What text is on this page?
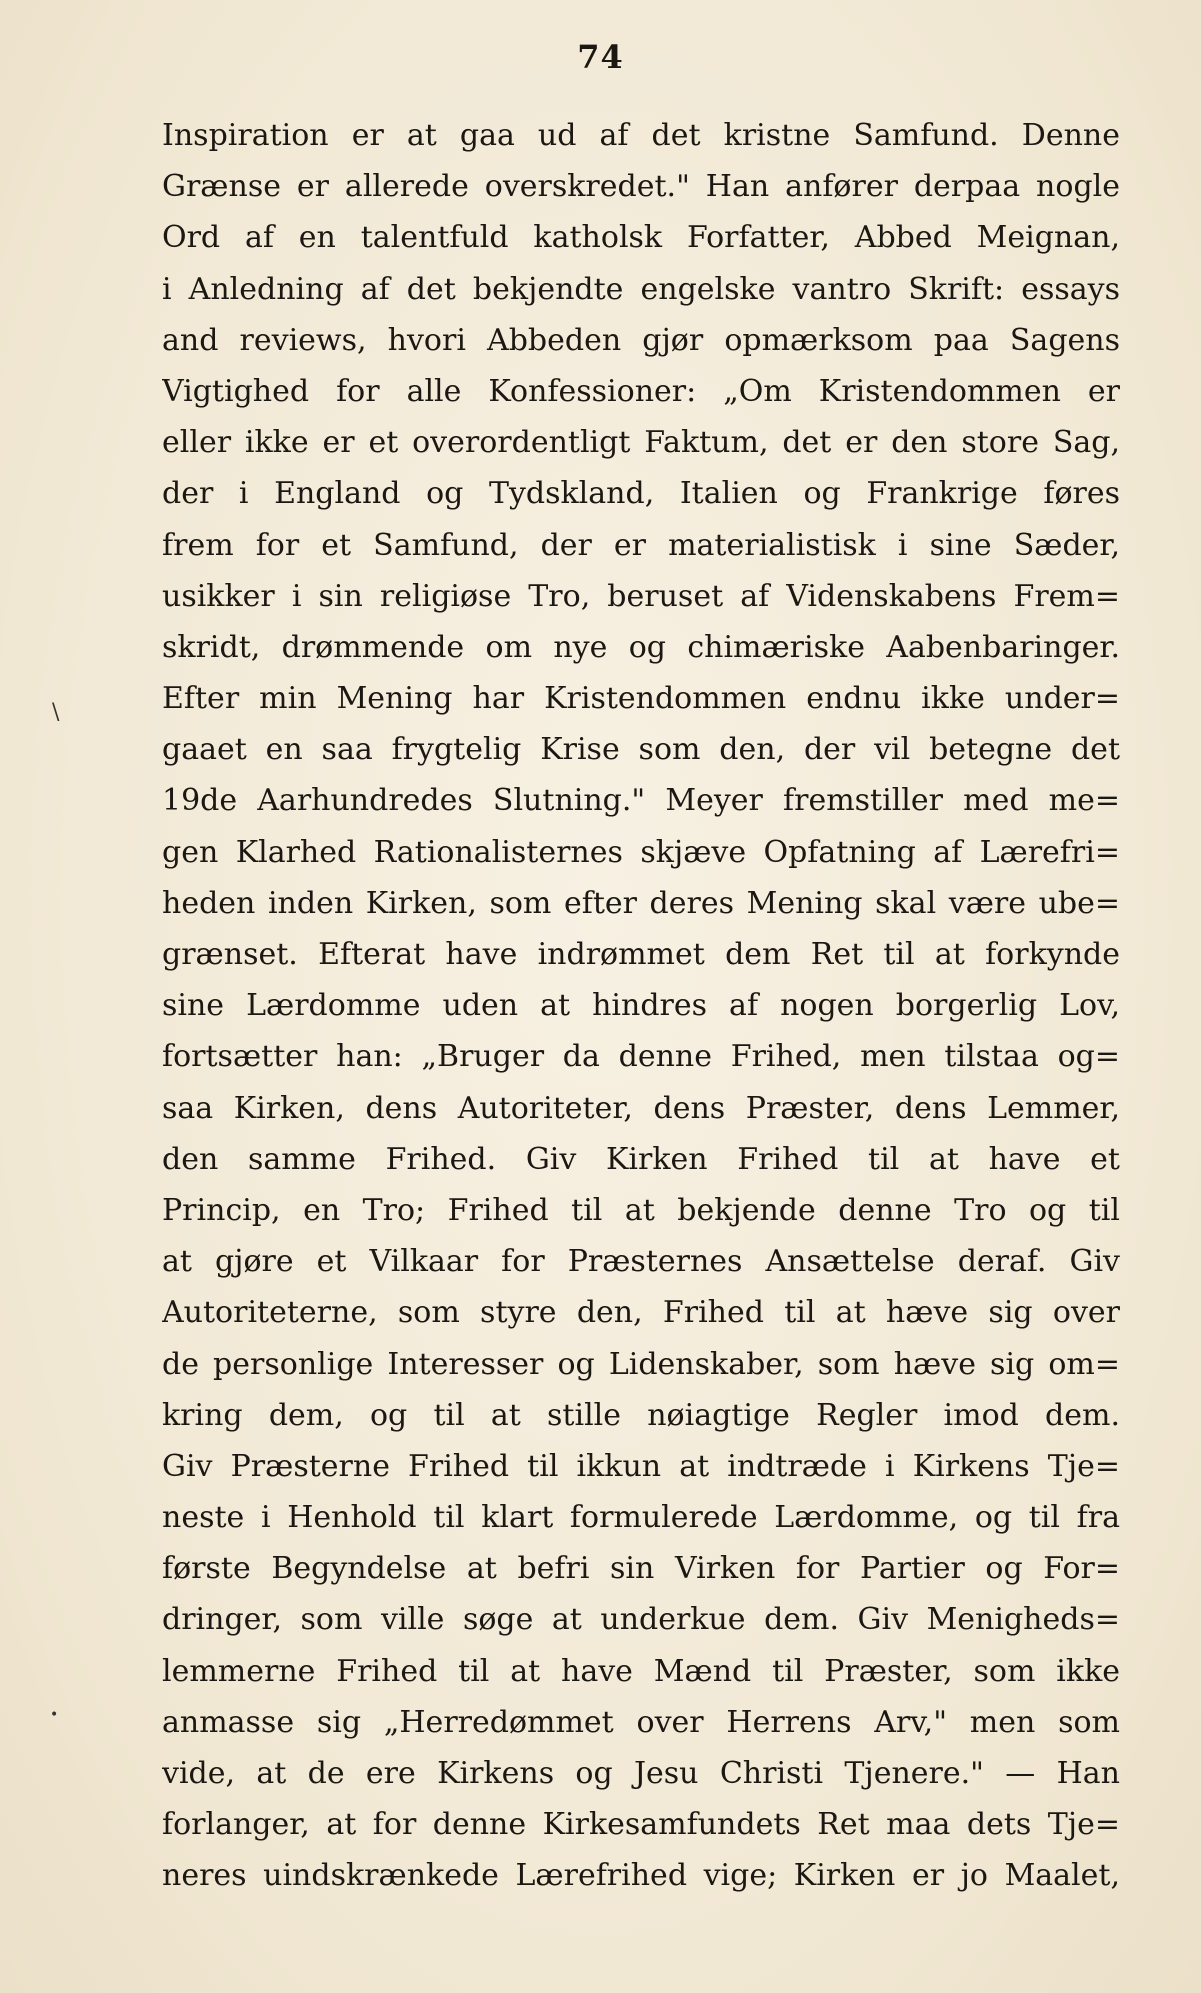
74
\
•
Inspiration er at gaa ud af det kristne Samfund. Denne
Grænse er allerede overskredet." Han anfører derpaa nogle
Ord af en talentfuld katholsk Forfatter, Abbed Meignan,
i Anledning af det bekjendte engelske vantro Skrift: essays
and reviews, hvori Abbeden gjør opmærksom paa Sagens
Vigtighed for alle Konfessioner: „Om Kristendommen er
eller ikke er et overordentligt Faktum, det er den store Sag,
der i England og Tydskland, Italien og Frankrige føres
frem for et Samfund, der er materialistisk i sine Sæder,
usikker i sin religiøse Tro, beruset af Videnskabens Frem=
skridt, drømmende om nye og chimæriske Aabenbaringer.
Efter min Mening har Kristendommen endnu ikke under=
gaaet en saa frygtelig Krise som den, der vil betegne det
19de Aarhundredes Slutning." Meyer fremstiller med me=
gen Klarhed Rationalisternes skjæve Opfatning af Lærefri=
heden inden Kirken, som efter deres Mening skal være ube=
grænset. Efterat have indrømmet dem Ret til at forkynde
sine Lærdomme uden at hindres af nogen borgerlig Lov,
fortsætter han: „Bruger da denne Frihed, men tilstaa og=
saa Kirken, dens Autoriteter, dens Præster, dens Lemmer,
den samme Frihed. Giv Kirken Frihed til at have et
Princip, en Tro; Frihed til at bekjende denne Tro og til
at gjøre et Vilkaar for Præsternes Ansættelse deraf. Giv
Autoriteterne, som styre den, Frihed til at hæve sig over
de personlige Interesser og Lidenskaber, som hæve sig om=
kring dem, og til at stille nøiagtige Regler imod dem.
Giv Præsterne Frihed til ikkun at indtræde i Kirkens Tje=
neste i Henhold til klart formulerede Lærdomme, og til fra
første Begyndelse at befri sin Virken for Partier og For=
dringer, som ville søge at underkue dem. Giv Menigheds=
lemmerne Frihed til at have Mænd til Præster, som ikke
anmasse sig „Herredømmet over Herrens Arv," men som
vide, at de ere Kirkens og Jesu Christi Tjenere." — Han
forlanger, at for denne Kirkesamfundets Ret maa dets Tje=
neres uindskrænkede Lærefrihed vige; Kirken er jo Maalet,
